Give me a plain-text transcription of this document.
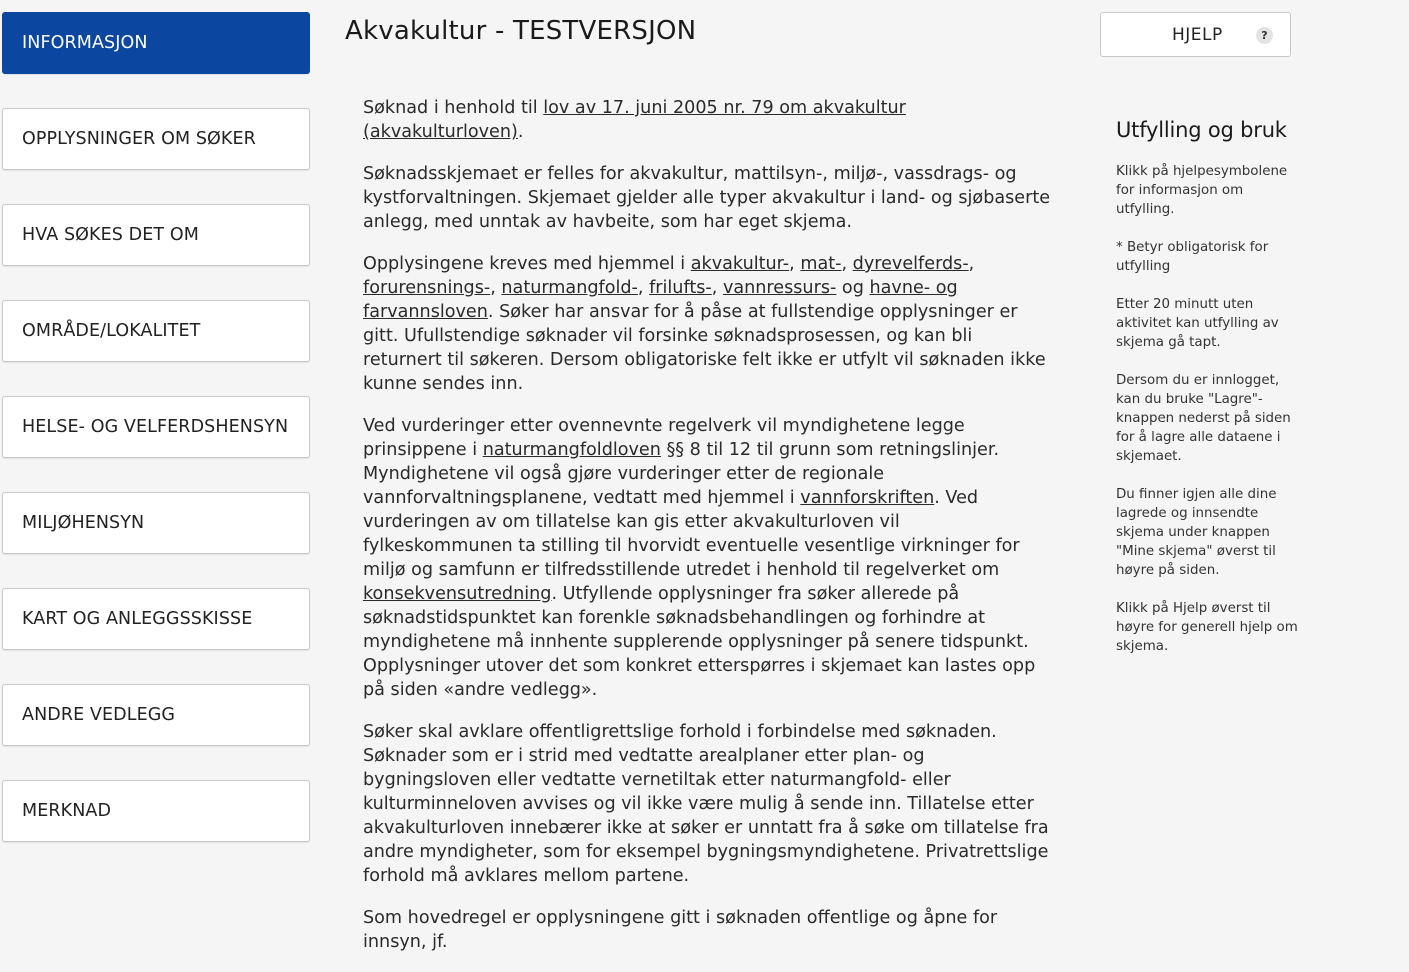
INFORMASJON
OPPLYSNINGER OM SØKER
HVA SØKES DET OM
OMRÅDE/LOKALITET
HELSE- OG VELFERDSHENSYN
MILJØHENSYN
KART OG ANLEGGSSKISSE
ANDRE VEDLEGG
MERKNAD
Akvakultur - TESTVERSJON	HJELP	?

Søknad i henhold til lov av 17. juni 2005 nr. 79 om akvakultur (akvakulturloven).

Søknadsskjemaet er felles for akvakultur, mattilsyn-, miljø-, vassdrags- og kystforvaltningen. Skjemaet gjelder alle typer akvakultur i land- og sjøbaserte anlegg, med unntak av havbeite, som har eget skjema.

Opplysingene kreves med hjemmel i akvakultur-, mat-, dyrevelferds-, forurensnings-, naturmangfold-, frilufts-, vannressurs- og havne- og farvannsloven. Søker har ansvar for å påse at fullstendige opplysninger er gitt. Ufullstendige søknader vil forsinke søknadsprosessen, og kan bli returnert til søkeren. Dersom obligatoriske felt ikke er utfylt vil søknaden ikke kunne sendes inn.

Ved vurderinger etter ovennevnte regelverk vil myndighetene legge prinsippene i naturmangfoldloven §§ 8 til 12 til grunn som retningslinjer. Myndighetene vil også gjøre vurderinger etter de regionale vannforvaltningsplanene, vedtatt med hjemmel i vannforskriften. Ved vurderingen av om tillatelse kan gis etter akvakulturloven vil fylkeskommunen ta stilling til hvorvidt eventuelle vesentlige virkninger for miljø og samfunn er tilfredsstillende utredet i henhold til regelverket om konsekvensutredning. Utfyllende opplysninger fra søker allerede på søknadstidspunktet kan forenkle søknadsbehandlingen og forhindre at myndighetene må innhente supplerende opplysninger på senere tidspunkt. Opplysninger utover det som konkret etterspørres i skjemaet kan lastes opp på siden «andre vedlegg».

Søker skal avklare offentligrettslige forhold i forbindelse med søknaden. Søknader som er i strid med vedtatte arealplaner etter plan- og bygningsloven eller vedtatte vernetiltak etter naturmangfold- eller kulturminneloven avvises og vil ikke være mulig å sende inn. Tillatelse etter akvakulturloven innebærer ikke at søker er unntatt fra å søke om tillatelse fra andre myndigheter, som for eksempel bygningsmyndighetene. Privatrettslige forhold må avklares mellom partene.

Som hovedregel er opplysningene gitt i søknaden offentlige og åpne for innsyn, jf.

Utfylling og bruk

Klikk på hjelpesymbolene for informasjon om utfylling.

* Betyr obligatorisk for utfylling

Etter 20 minutt uten aktivitet kan utfylling av skjema gå tapt.

Dersom du er innlogget, kan du bruke "Lagre"-knappen nederst på siden for å lagre alle dataene i skjemaet.

Du finner igjen alle dine lagrede og innsendte skjema under knappen "Mine skjema" øverst til høyre på siden.

Klikk på Hjelp øverst til høyre for generell hjelp om skjema.
